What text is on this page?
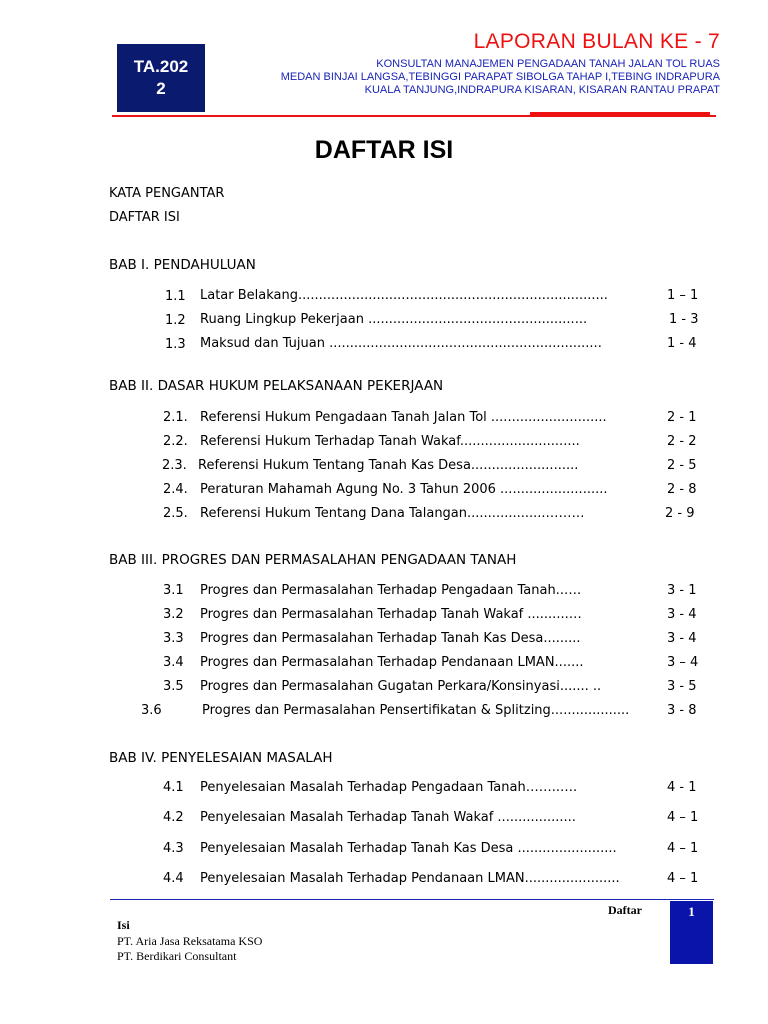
TA.202
2
LAPORAN BULAN KE - 7
KONSULTAN MANAJEMEN PENGADAAN TANAH JALAN TOL RUAS
MEDAN BINJAI LANGSA,TEBINGGI PARAPAT SIBOLGA TAHAP I,TEBING INDRAPURA
KUALA TANJUNG,INDRAPURA KISARAN, KISARAN RANTAU PRAPAT
DAFTAR ISI
KATA PENGANTAR
DAFTAR ISI
BAB I. PENDAHULUAN
1.1 Latar Belakang...........................................................................	1 – 1
1.2 Ruang Lingkup Pekerjaan .....................................................	1 - 3
1.3 Maksud dan Tujuan ..................................................................	1 - 4
BAB II. DASAR HUKUM PELAKSANAAN PEKERJAAN
2.1. Referensi Hukum Pengadaan Tanah Jalan Tol ............................	2 - 1
2.2. Referensi Hukum Terhadap Tanah Wakaf.............................	2 - 2
2.3. Referensi Hukum Tentang Tanah Kas Desa..........................	2 - 5
2.4. Peraturan Mahamah Agung No. 3 Tahun 2006 ..........................	2 - 8
2.5. Referensi Hukum Tentang Dana Talangan...................………	2 - 9
BAB III. PROGRES DAN PERMASALAHAN PENGADAAN TANAH
3.1 Progres dan Permasalahan Terhadap Pengadaan Tanah..….	3 - 1
3.2 Progres dan Permasalahan Terhadap Tanah Wakaf ..........…	3 - 4
3.3 Progres dan Permasalahan Terhadap Tanah Kas Desa.........	3 - 4
3.4 Progres dan Permasalahan Terhadap Pendanaan LMAN.......	3 – 4
3.5 Progres dan Permasalahan Gugatan Perkara/Konsinyasi....... ..	3 - 5
3.6	Progres dan Permasalahan Pensertifikatan & Splitzing...................	3 - 8
BAB IV. PENYELESAIAN MASALAH
4.1 Penyelesaian Masalah Terhadap Pengadaan Tanah……..….	4 - 1
4.2 Penyelesaian Masalah Terhadap Tanah Wakaf ...................	4 – 1
4.3 Penyelesaian Masalah Terhadap Tanah Kas Desa ........................	4 – 1
4.4 Penyelesaian Masalah Terhadap Pendanaan LMAN.......................	4 – 1
Daftar
Isi
PT. Aria Jasa Reksatama KSO
PT. Berdikari Consultant
1
